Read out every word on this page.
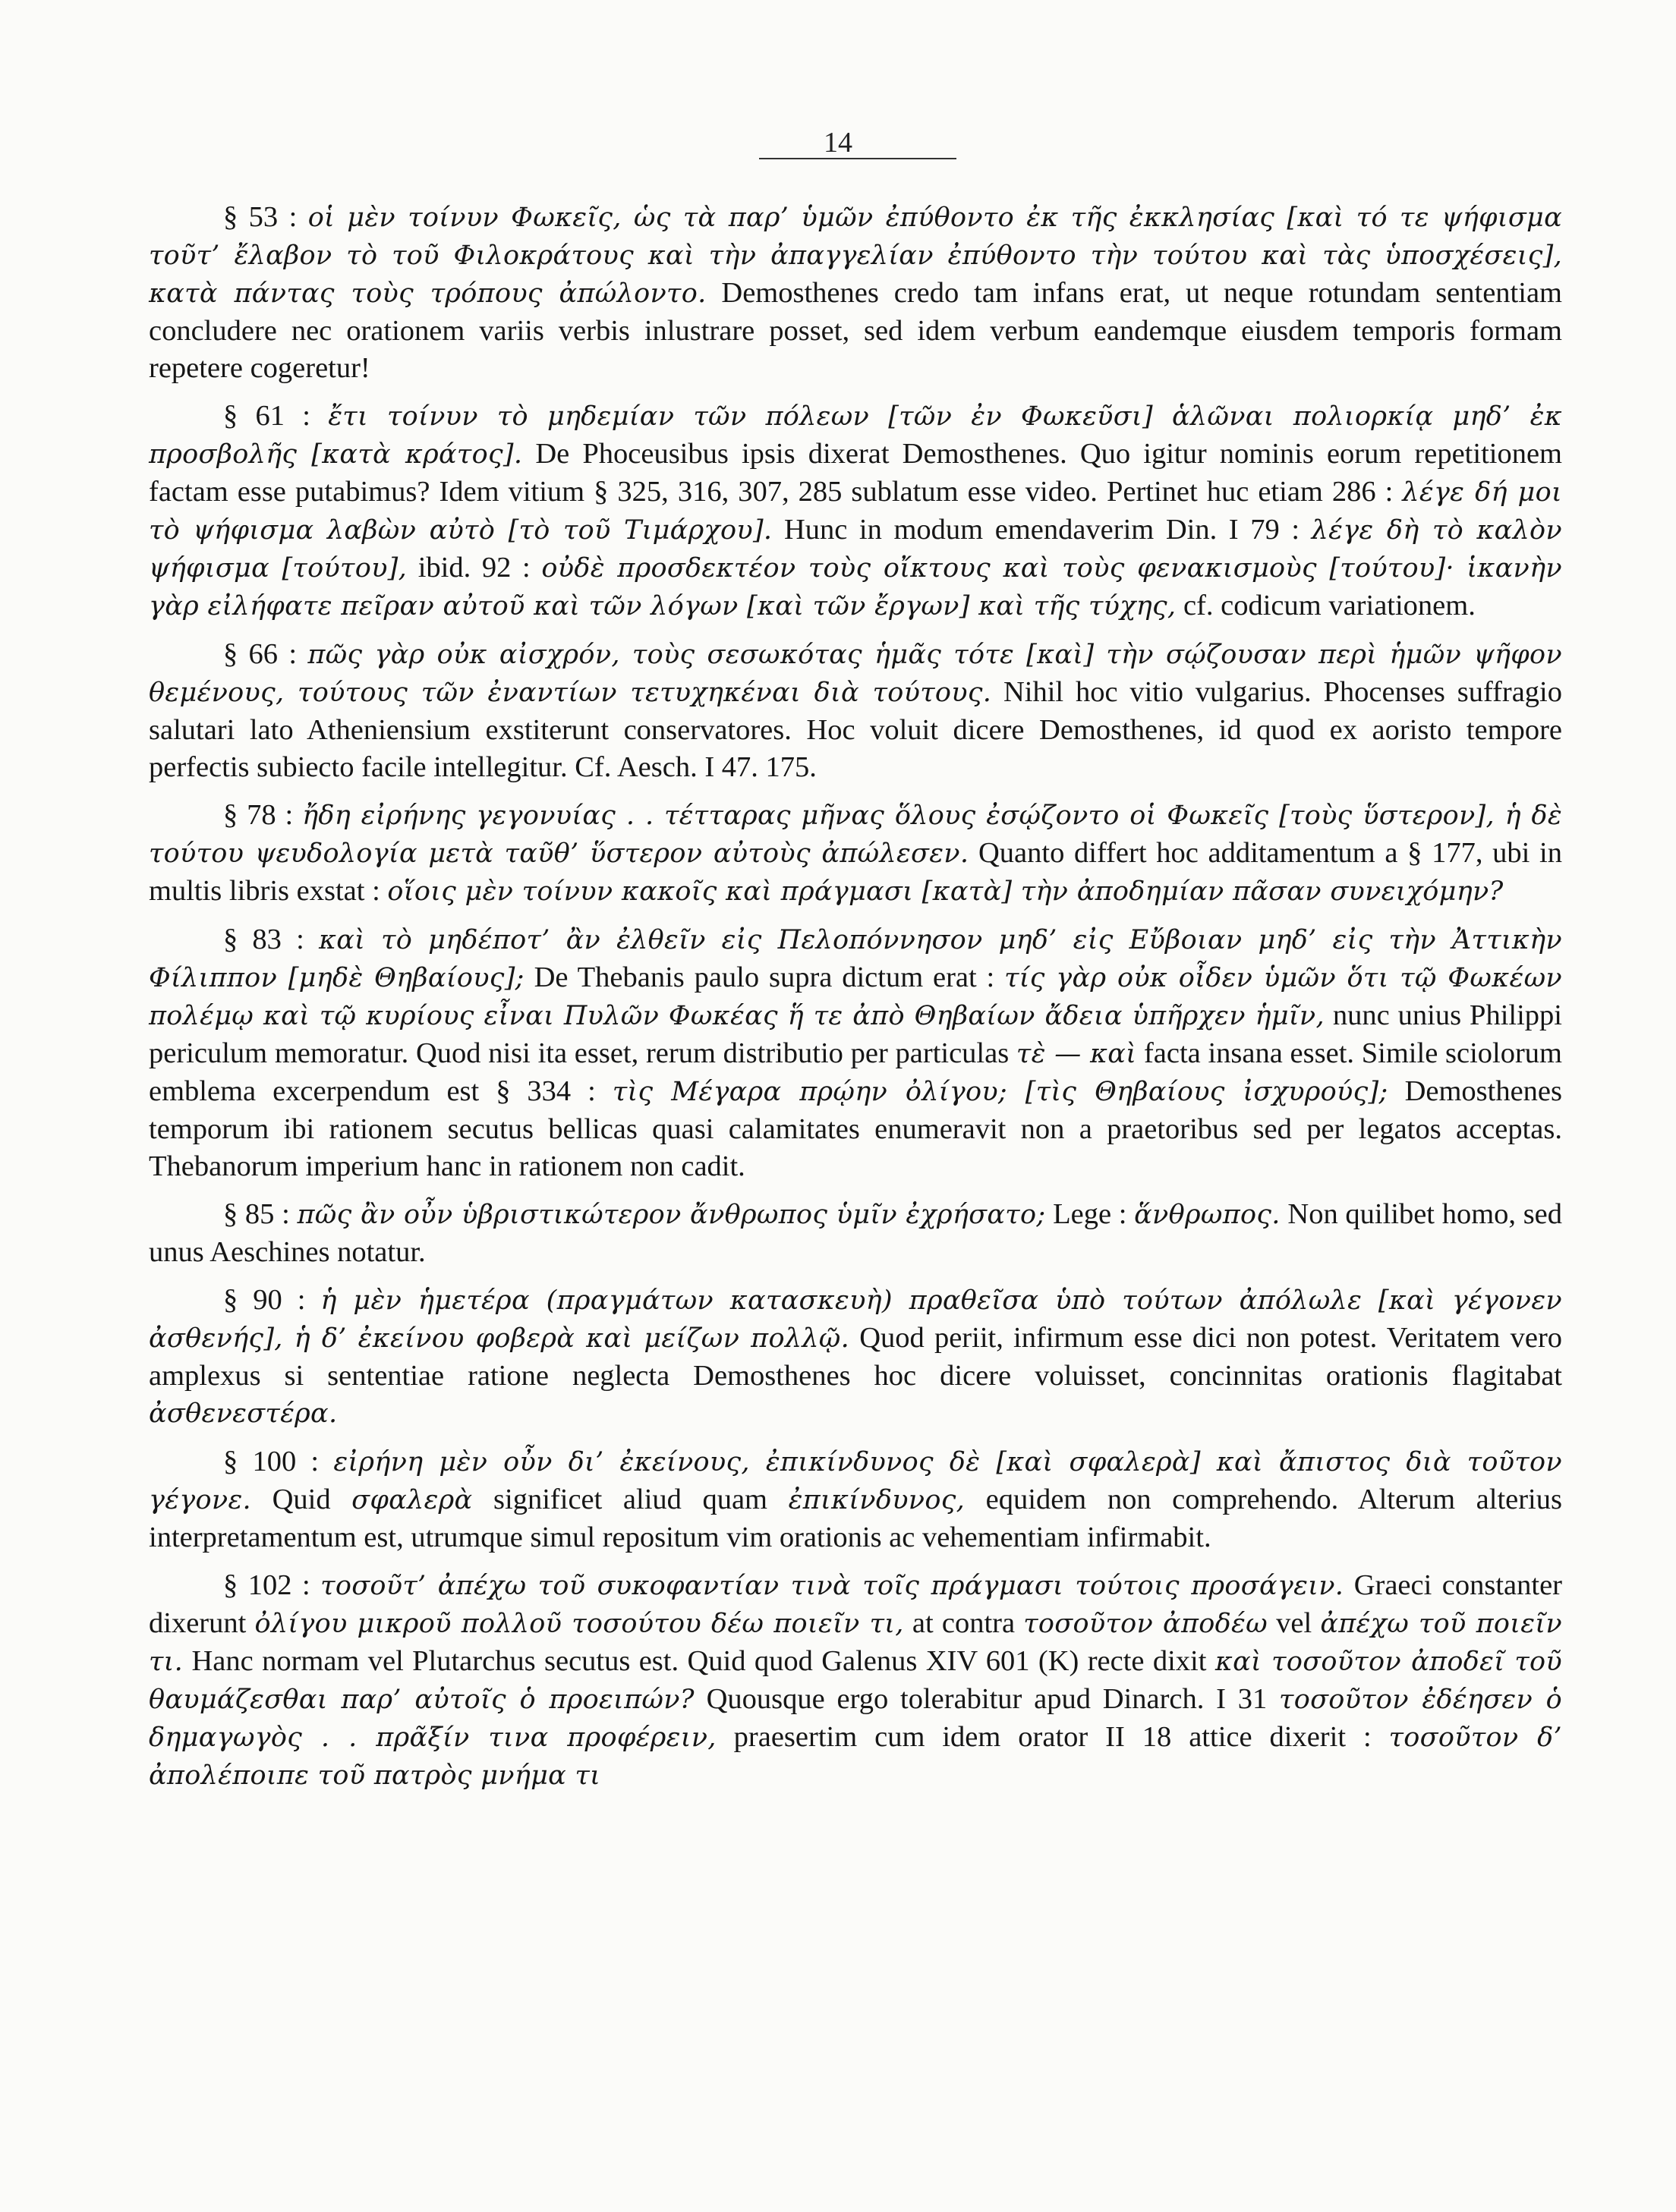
14

§ 53 : οἱ μὲν τοίνυν Φωκεῖς, ὡς τὰ παρ’ ὑμῶν ἐπύθοντο ἐκ τῆς ἐκκλησίας [καὶ τό τε ψήφισμα τοῦτ’ ἔλαβον τὸ τοῦ Φιλοκράτους καὶ τὴν ἀπαγγελίαν ἐπύθοντο τὴν τούτου καὶ τὰς ὑποσχέσεις], κατὰ πάντας τοὺς τρόπους ἀπώλοντο. Demosthenes credo tam infans erat, ut neque rotundam sententiam concludere nec orationem variis verbis inlustrare posset, sed idem verbum eandemque eiusdem temporis formam repetere cogeretur!

§ 61 : ἔτι τοίνυν τὸ μηδεμίαν τῶν πόλεων [τῶν ἐν Φωκεῦσι] ἁλῶναι πολιορκίᾳ μηδ’ ἐκ προσβολῆς [κατὰ κράτος]. De Phoceusibus ipsis dixerat Demosthenes. Quo igitur nominis eorum repetitionem factam esse putabimus? Idem vitium § 325, 316, 307, 285 sublatum esse video. Pertinet huc etiam 286 : λέγε δή μοι τὸ ψήφισμα λαβὼν αὐτὸ [τὸ τοῦ Τιμάρχου]. Hunc in modum emendaverim Din. I 79 : λέγε δὴ τὸ καλὸν ψήφισμα [τούτου], ibid. 92 : οὐδὲ προσδεκτέον τοὺς οἴκτους καὶ τοὺς φενακισμοὺς [τούτου]· ἱκανὴν γὰρ εἰλήφατε πεῖραν αὐτοῦ καὶ τῶν λόγων [καὶ τῶν ἔργων] καὶ τῆς τύχης, cf. codicum variationem.

§ 66 : πῶς γὰρ οὐκ αἰσχρόν, τοὺς σεσωκότας ἡμᾶς τότε [καὶ] τὴν σῴζουσαν περὶ ἡμῶν ψῆφον θεμένους, τούτους τῶν ἐναντίων τετυχηκέναι διὰ τούτους. Nihil hoc vitio vulgarius. Phocenses suffragio salutari lato Atheniensium exstiterunt conservatores. Hoc voluit dicere Demosthenes, id quod ex aoristo tempore perfectis subiecto facile intellegitur. Cf. Aesch. I 47. 175.

§ 78 : ἤδη εἰρήνης γεγονυίας . . τέτταρας μῆνας ὅλους ἐσῴζοντο οἱ Φωκεῖς [τοὺς ὕστερον], ἡ δὲ τούτου ψευδολογία μετὰ ταῦθ’ ὕστερον αὐτοὺς ἀπώλεσεν. Quanto differt hoc additamentum a § 177, ubi in multis libris exstat : οἵοις μὲν τοίνυν κακοῖς καὶ πράγμασι [κατὰ] τὴν ἀποδημίαν πᾶσαν συνειχόμην?

§ 83 : καὶ τὸ μηδέποτ’ ἂν ἐλθεῖν εἰς Πελοπόννησον μηδ’ εἰς Εὔβοιαν μηδ’ εἰς τὴν Ἀττικὴν Φίλιππον [μηδὲ Θηβαίους]; De Thebanis paulo supra dictum erat : τίς γὰρ οὐκ οἶδεν ὑμῶν ὅτι τῷ Φωκέων πολέμῳ καὶ τῷ κυρίους εἶναι Πυλῶν Φωκέας ἥ τε ἀπὸ Θηβαίων ἄδεια ὑπῆρχεν ἡμῖν, nunc unius Philippi periculum memoratur. Quod nisi ita esset, rerum distributio per particulas τὲ — καὶ facta insana esset. Simile sciolorum emblema excerpendum est § 334 : τὶς Μέγαρα πρῴην ὀλίγου; [τὶς Θηβαίους ἰσχυρούς]; Demosthenes temporum ibi rationem secutus bellicas quasi calamitates enumeravit non a praetoribus sed per legatos acceptas. Thebanorum imperium hanc in rationem non cadit.

§ 85 : πῶς ἂν οὖν ὑβριστικώτερον ἄνθρωπος ὑμῖν ἐχρήσατο; Lege : ἅνθρωπος. Non quilibet homo, sed unus Aeschines notatur.

§ 90 : ἡ μὲν ἡμετέρα (πραγμάτων κατασκευὴ) πραθεῖσα ὑπὸ τούτων ἀπόλωλε [καὶ γέγονεν ἀσθενής], ἡ δ’ ἐκείνου φοβερὰ καὶ μείζων πολλῷ. Quod periit, infirmum esse dici non potest. Veritatem vero amplexus si sententiae ratione neglecta Demosthenes hoc dicere voluisset, concinnitas orationis flagitabat ἀσθενεστέρα.

§ 100 : εἰρήνη μὲν οὖν δι’ ἐκείνους, ἐπικίνδυνος δὲ [καὶ σφαλερὰ] καὶ ἄπιστος διὰ τοῦτον γέγονε. Quid σφαλερὰ significet aliud quam ἐπικίνδυνος, equidem non comprehendo. Alterum alterius interpretamentum est, utrumque simul repositum vim orationis ac vehementiam infirmabit.

§ 102 : τοσοῦτ’ ἀπέχω τοῦ συκοφαντίαν τινὰ τοῖς πράγμασι τούτοις προσάγειν. Graeci constanter dixerunt ὀλίγου μικροῦ πολλοῦ τοσούτου δέω ποιεῖν τι, at contra τοσοῦτον ἀποδέω vel ἀπέχω τοῦ ποιεῖν τι. Hanc normam vel Plutarchus secutus est. Quid quod Galenus XIV 601 (K) recte dixit καὶ τοσοῦτον ἀποδεῖ τοῦ θαυμάζεσθαι παρ’ αὐτοῖς ὁ προειπών? Quousque ergo tolerabitur apud Dinarch. I 31 τοσοῦτον ἐδέησεν ὁ δημαγωγὸς . . πρᾶξίν τινα προφέρειν, praesertim cum idem orator II 18 attice dixerit : τοσοῦτον δ’ ἀπολέποιπε τοῦ πατρὸς μνήμα τι
